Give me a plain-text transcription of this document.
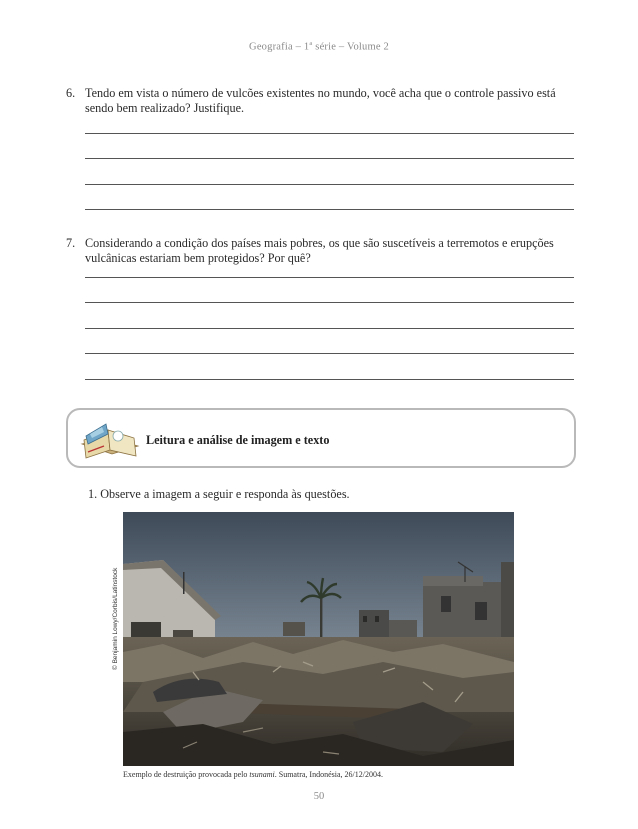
Geografia – 1$^a$ série – Volume 2
6. Tendo em vista o número de vulcões existentes no mundo, você acha que o controle passivo está sendo bem realizado? Justifique.
7. Considerando a condição dos países mais pobres, os que são suscetíveis a terremotos e erupções vulcânicas estariam bem protegidos? Por quê?
Leitura e análise de imagem e texto
1. Observe a imagem a seguir e responda às questões.
© Benjamin Lowy/Corbis/Latinstock
Exemplo de destruição provocada pelo tsunami. Sumatra, Indonésia, 26/12/2004.
50
